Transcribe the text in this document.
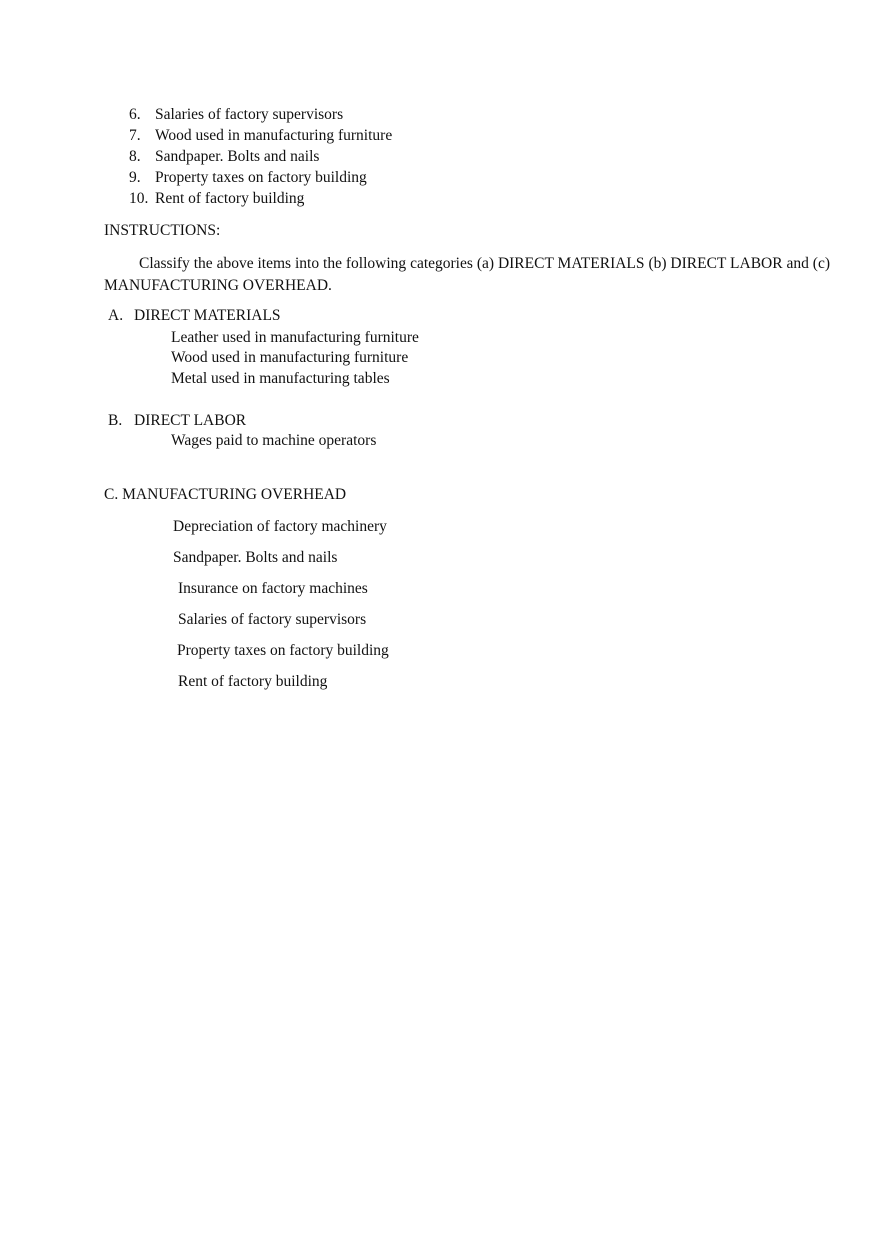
6. Salaries of factory supervisors
7. Wood used in manufacturing furniture
8. Sandpaper. Bolts and nails
9. Property taxes on factory building
10. Rent of factory building
INSTRUCTIONS:
Classify the above items into the following categories (a) DIRECT MATERIALS (b) DIRECT LABOR and (c) MANUFACTURING OVERHEAD.
A. DIRECT MATERIALS
Leather used in manufacturing furniture
Wood used in manufacturing furniture
Metal used in manufacturing tables
B. DIRECT LABOR
Wages paid to machine operators
C. MANUFACTURING OVERHEAD
Depreciation of factory machinery
Sandpaper. Bolts and nails
Insurance on factory machines
Salaries of factory supervisors
Property taxes on factory building
Rent of factory building
